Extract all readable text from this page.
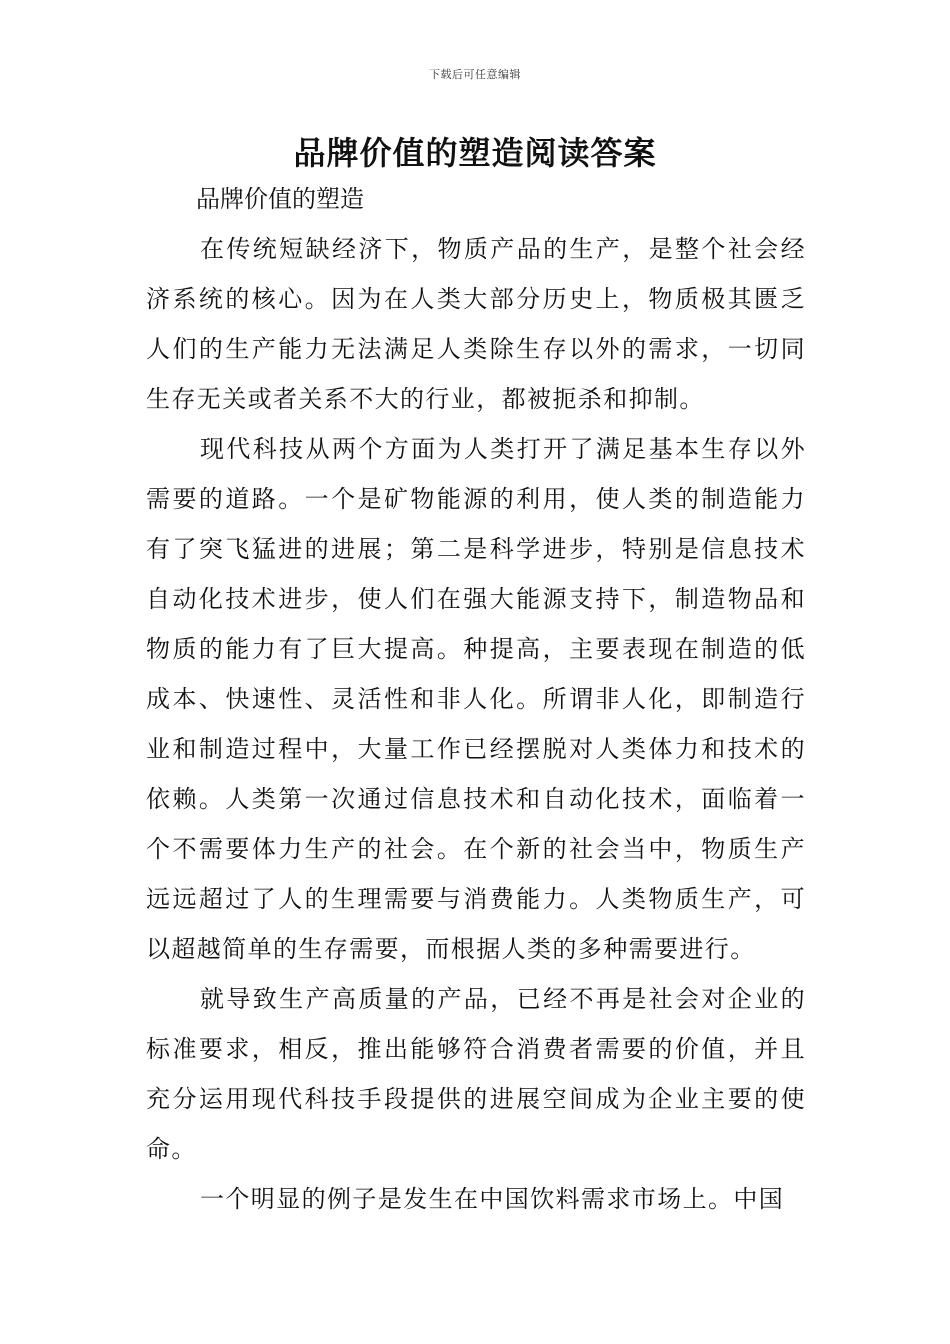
下载后可任意编辑
品牌价值的塑造阅读答案
品牌价值的塑造

在传统短缺经济下，物质产品的生产，是整个社会经济系统的核心。因为在人类大部分历史上，物质极其匮乏人们的生产能力无法满足人类除生存以外的需求，一切同生存无关或者关系不大的行业，都被扼杀和抑制。

现代科技从两个方面为人类打开了满足基本生存以外需要的道路。一个是矿物能源的利用，使人类的制造能力有了突飞猛进的进展；第二是科学进步，特别是信息技术自动化技术进步，使人们在强大能源支持下，制造物品和物质的能力有了巨大提高。种提高，主要表现在制造的低成本、快速性、灵活性和非人化。所谓非人化，即制造行业和制造过程中，大量工作已经摆脱对人类体力和技术的依赖。人类第一次通过信息技术和自动化技术，面临着一个不需要体力生产的社会。在个新的社会当中，物质生产远远超过了人的生理需要与消费能力。人类物质生产，可以超越简单的生存需要，而根据人类的多种需要进行。

就导致生产高质量的产品，已经不再是社会对企业的标准要求，相反，推出能够符合消费者需要的价值，并且充分运用现代科技手段提供的进展空间成为企业主要的使命。

一个明显的例子是发生在中国饮料需求市场上。中国
